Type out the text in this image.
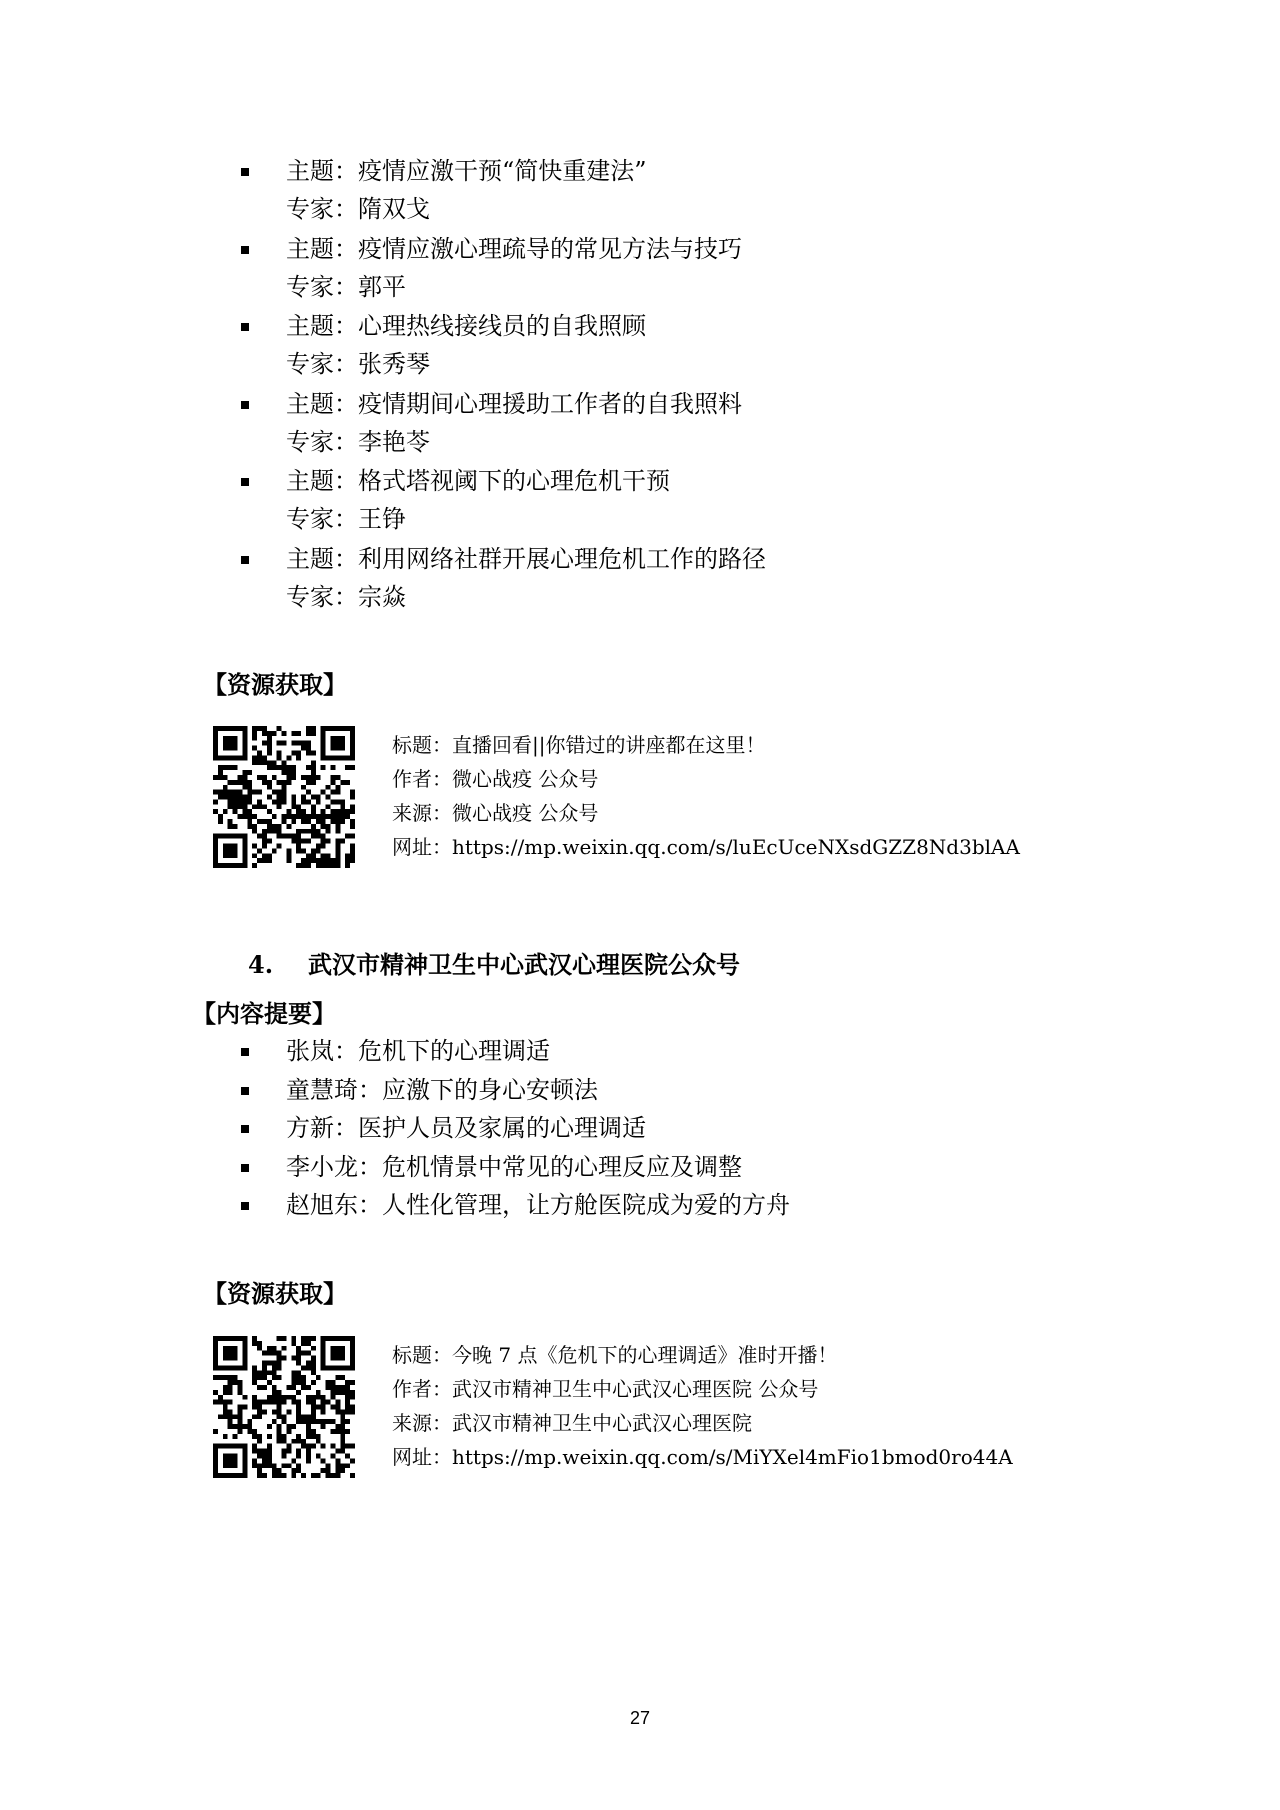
主题：疫情应激干预“简快重建法”
专家：隋双戈
主题：疫情应激心理疏导的常见方法与技巧
专家：郭平
主题：心理热线接线员的自我照顾
专家：张秀琴
主题：疫情期间心理援助工作者的自我照料
专家：李艳苓
主题：格式塔视阈下的心理危机干预
专家：王铮
主题：利用网络社群开展心理危机工作的路径
专家：宗焱
【资源获取】
标题：直播回看||你错过的讲座都在这里！
作者：微心战疫 公众号
来源：微心战疫 公众号
网址：https://mp.weixin.qq.com/s/luEcUceNXsdGZZ8Nd3blAA
4. 武汉市精神卫生中心武汉心理医院公众号
【内容提要】
张岚：危机下的心理调适
童慧琦：应激下的身心安顿法
方新：医护人员及家属的心理调适
李小龙：危机情景中常见的心理反应及调整
赵旭东：人性化管理，让方舱医院成为爱的方舟
【资源获取】
标题：今晚 7 点《危机下的心理调适》准时开播！
作者：武汉市精神卫生中心武汉心理医院 公众号
来源：武汉市精神卫生中心武汉心理医院
网址：https://mp.weixin.qq.com/s/MiYXel4mFio1bmod0ro44A
27
